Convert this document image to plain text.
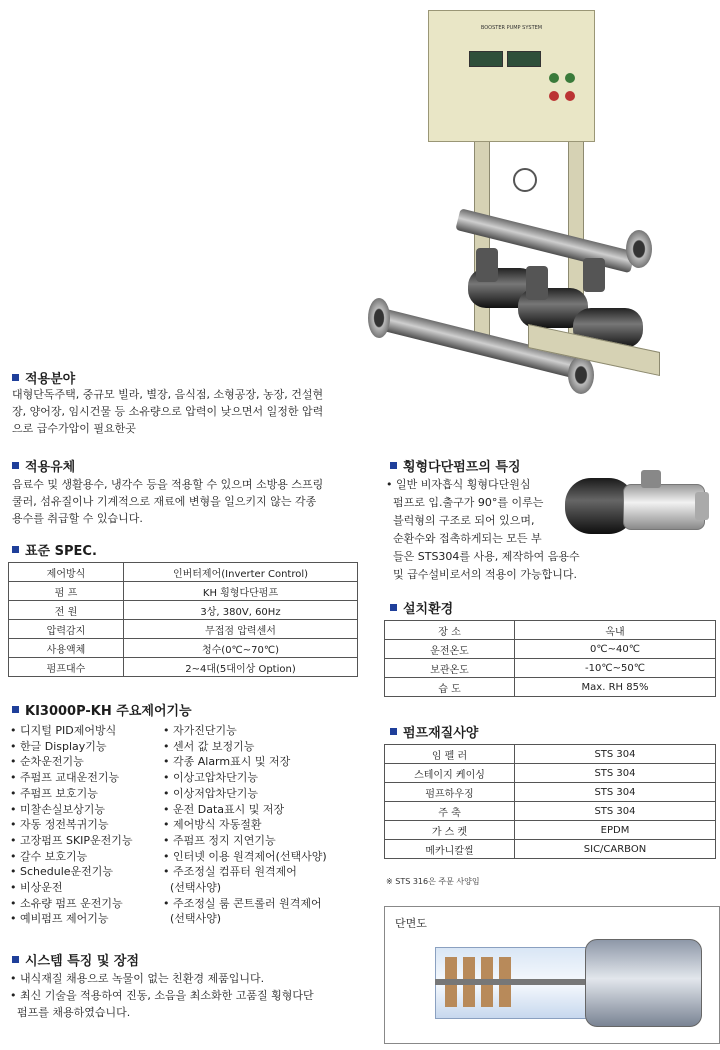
BOOSTER PUMP SYSTEM
적용분야
대형단독주택, 중규모 빌라, 별장, 음식점, 소형공장, 농장, 건설현
장, 양어장, 임시건물 등 소유량으로 압력이 낮으면서 일정한 압력
으로 급수가압이 필요한곳
적용유체
음료수 및 생활용수, 냉각수 등을 적용할 수 있으며 소방용 스프링
쿨러, 섬유질이나 기계적으로 재료에 변형을 일으키지 않는 각종
용수를 취급할 수 있습니다.
표준 SPEC.
제어방식	인버터제어(Inverter Control)
펌 프	KH 횡형다단펌프
전 원	3상, 380V, 60Hz
압력감지	무접점 압력센서
사용액체	청수(0℃~70℃)
펌프대수	2~4대(5대이상 Option)
KI3000P-KH 주요제어기능
• 디지털 PID제어방식
• 한글 Display기능
• 순차운전기능
• 주펌프 교대운전기능
• 주펌프 보호기능
• 미찰손실보상기능
• 자동 정전복귀기능
• 고장펌프 SKIP운전기능
• 갈수 보호기능
• Schedule운전기능
• 비상운전
• 소유량 펌프 운전기능
• 예비펌프 제어기능
• 자가진단기능
• 센서 값 보정기능
• 각종 Alarm표시 및 저장
• 이상고압차단기능
• 이상저압차단기능
• 운전 Data표시 및 저장
• 제어방식 자동절환
• 주펌프 정지 지연기능
• 인터넷 이용 원격제어(선택사양)
• 주조정실 컴퓨터 원격제어
(선택사양)
• 주조정실 룸 콘트롤러 원격제어
(선택사양)
시스템 특징 및 장점
• 내식재질 채용으로 녹물이 없는 친환경 제품입니다.
• 최신 기술을 적용하여 진동, 소음을 최소화한 고품질 횡형다단
펌프를 채용하였습니다.
횡형다단펌프의 특징
• 일반 비자흡식 횡형다단원심
펌프로 입.출구가 90°를 이루는
블럭형의 구조로 되어 있으며,
순환수와 접촉하게되는 모든 부
들은 STS304를 사용, 제작하여 음용수
및 급수설비로서의 적용이 가능합니다.
설치환경
장 소	옥내
운전온도	0℃~40℃
보관온도	-10℃~50℃
습 도	Max. RH 85%
펌프재질사양
임 펠 러	STS 304
스테이지 케이싱	STS 304
펌프하우징	STS 304
주 축	STS 304
가 스 켓	EPDM
메카니칼씰	SIC/CARBON
※ STS 316은 주문 사양임
단면도
